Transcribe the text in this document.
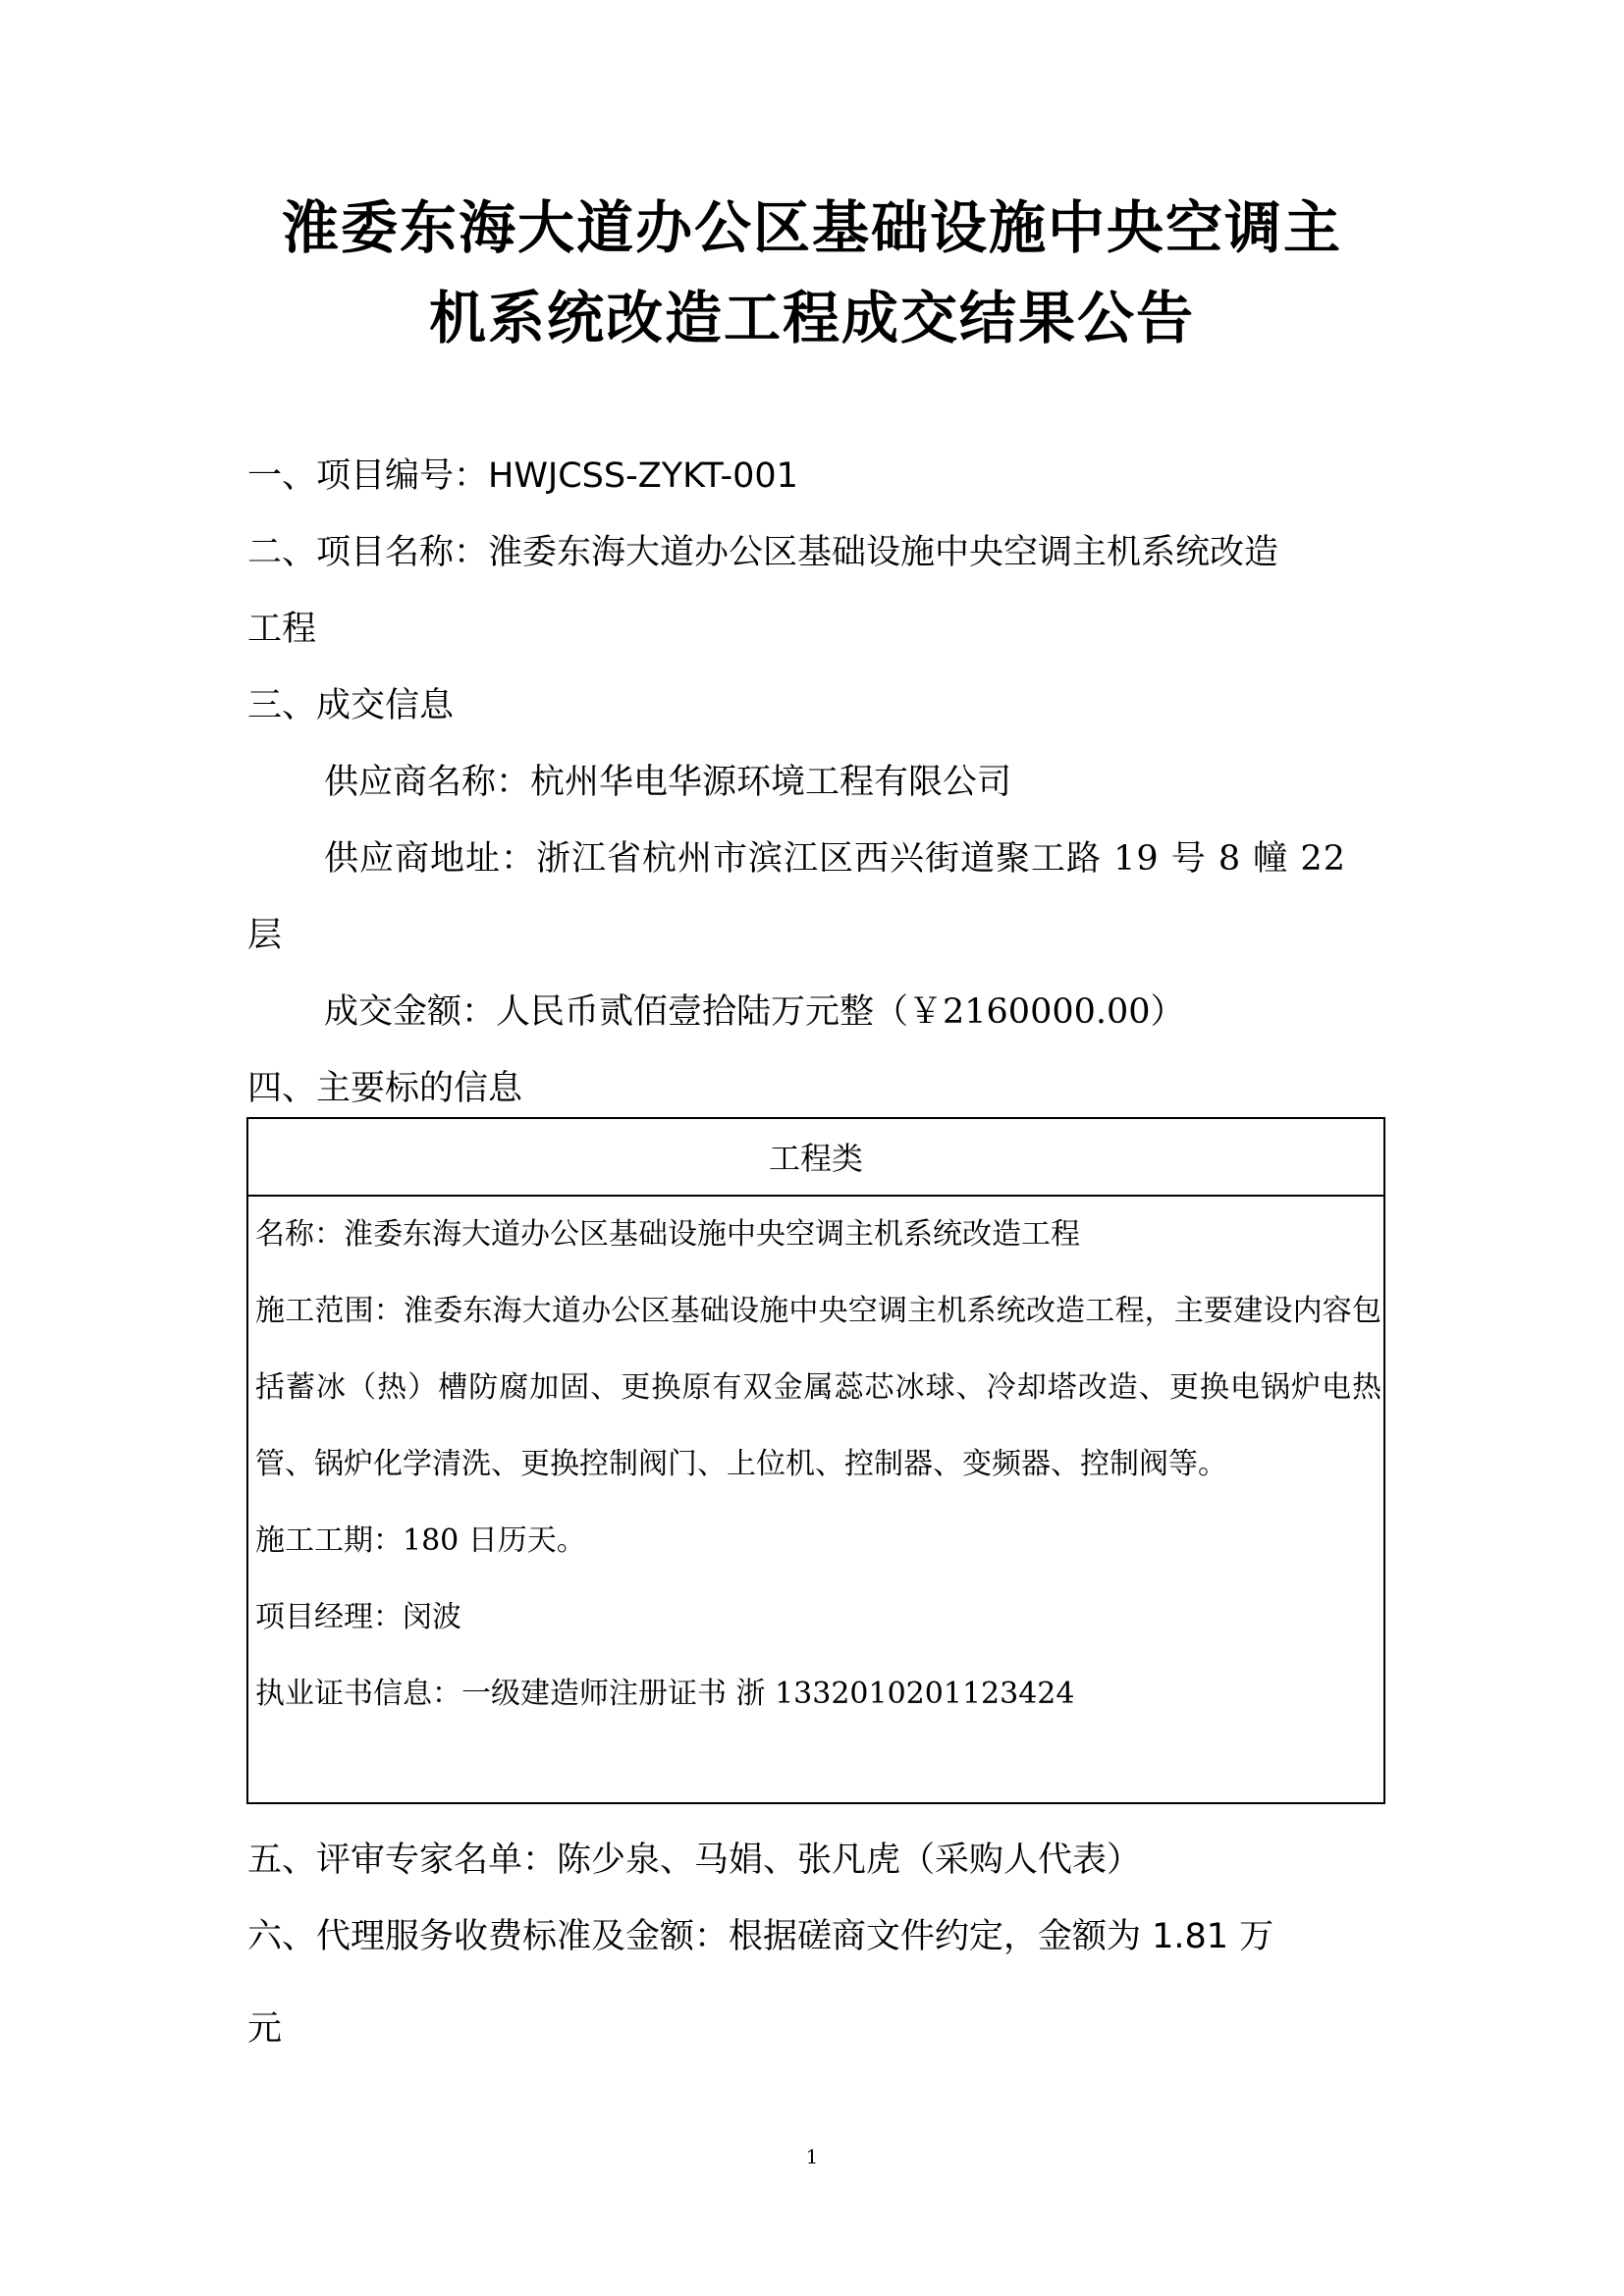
淮委东海大道办公区基础设施中央空调主
机系统改造工程成交结果公告
一、项目编号：HWJCSS-ZYKT-001
二、项目名称：淮委东海大道办公区基础设施中央空调主机系统改造
工程
三、成交信息
供应商名称：杭州华电华源环境工程有限公司
供应商地址：浙江省杭州市滨江区西兴街道聚工路 19 号 8 幢 22
层
成交金额：人民币贰佰壹拾陆万元整（￥2160000.00）
四、主要标的信息
工程类
名称：淮委东海大道办公区基础设施中央空调主机系统改造工程
施工范围：淮委东海大道办公区基础设施中央空调主机系统改造工程，主要建设内容包括蓄冰（热）槽防腐加固、更换原有双金属蕊芯冰球、冷却塔改造、更换电锅炉电热管、锅炉化学清洗、更换控制阀门、上位机、控制器、变频器、控制阀等。
施工工期：180 日历天。
项目经理：闵波
执业证书信息：一级建造师注册证书 浙 1332010201123424
五、评审专家名单：陈少泉、马娟、张凡虎（采购人代表）
六、代理服务收费标准及金额：根据磋商文件约定，金额为 1.81 万
元
1
